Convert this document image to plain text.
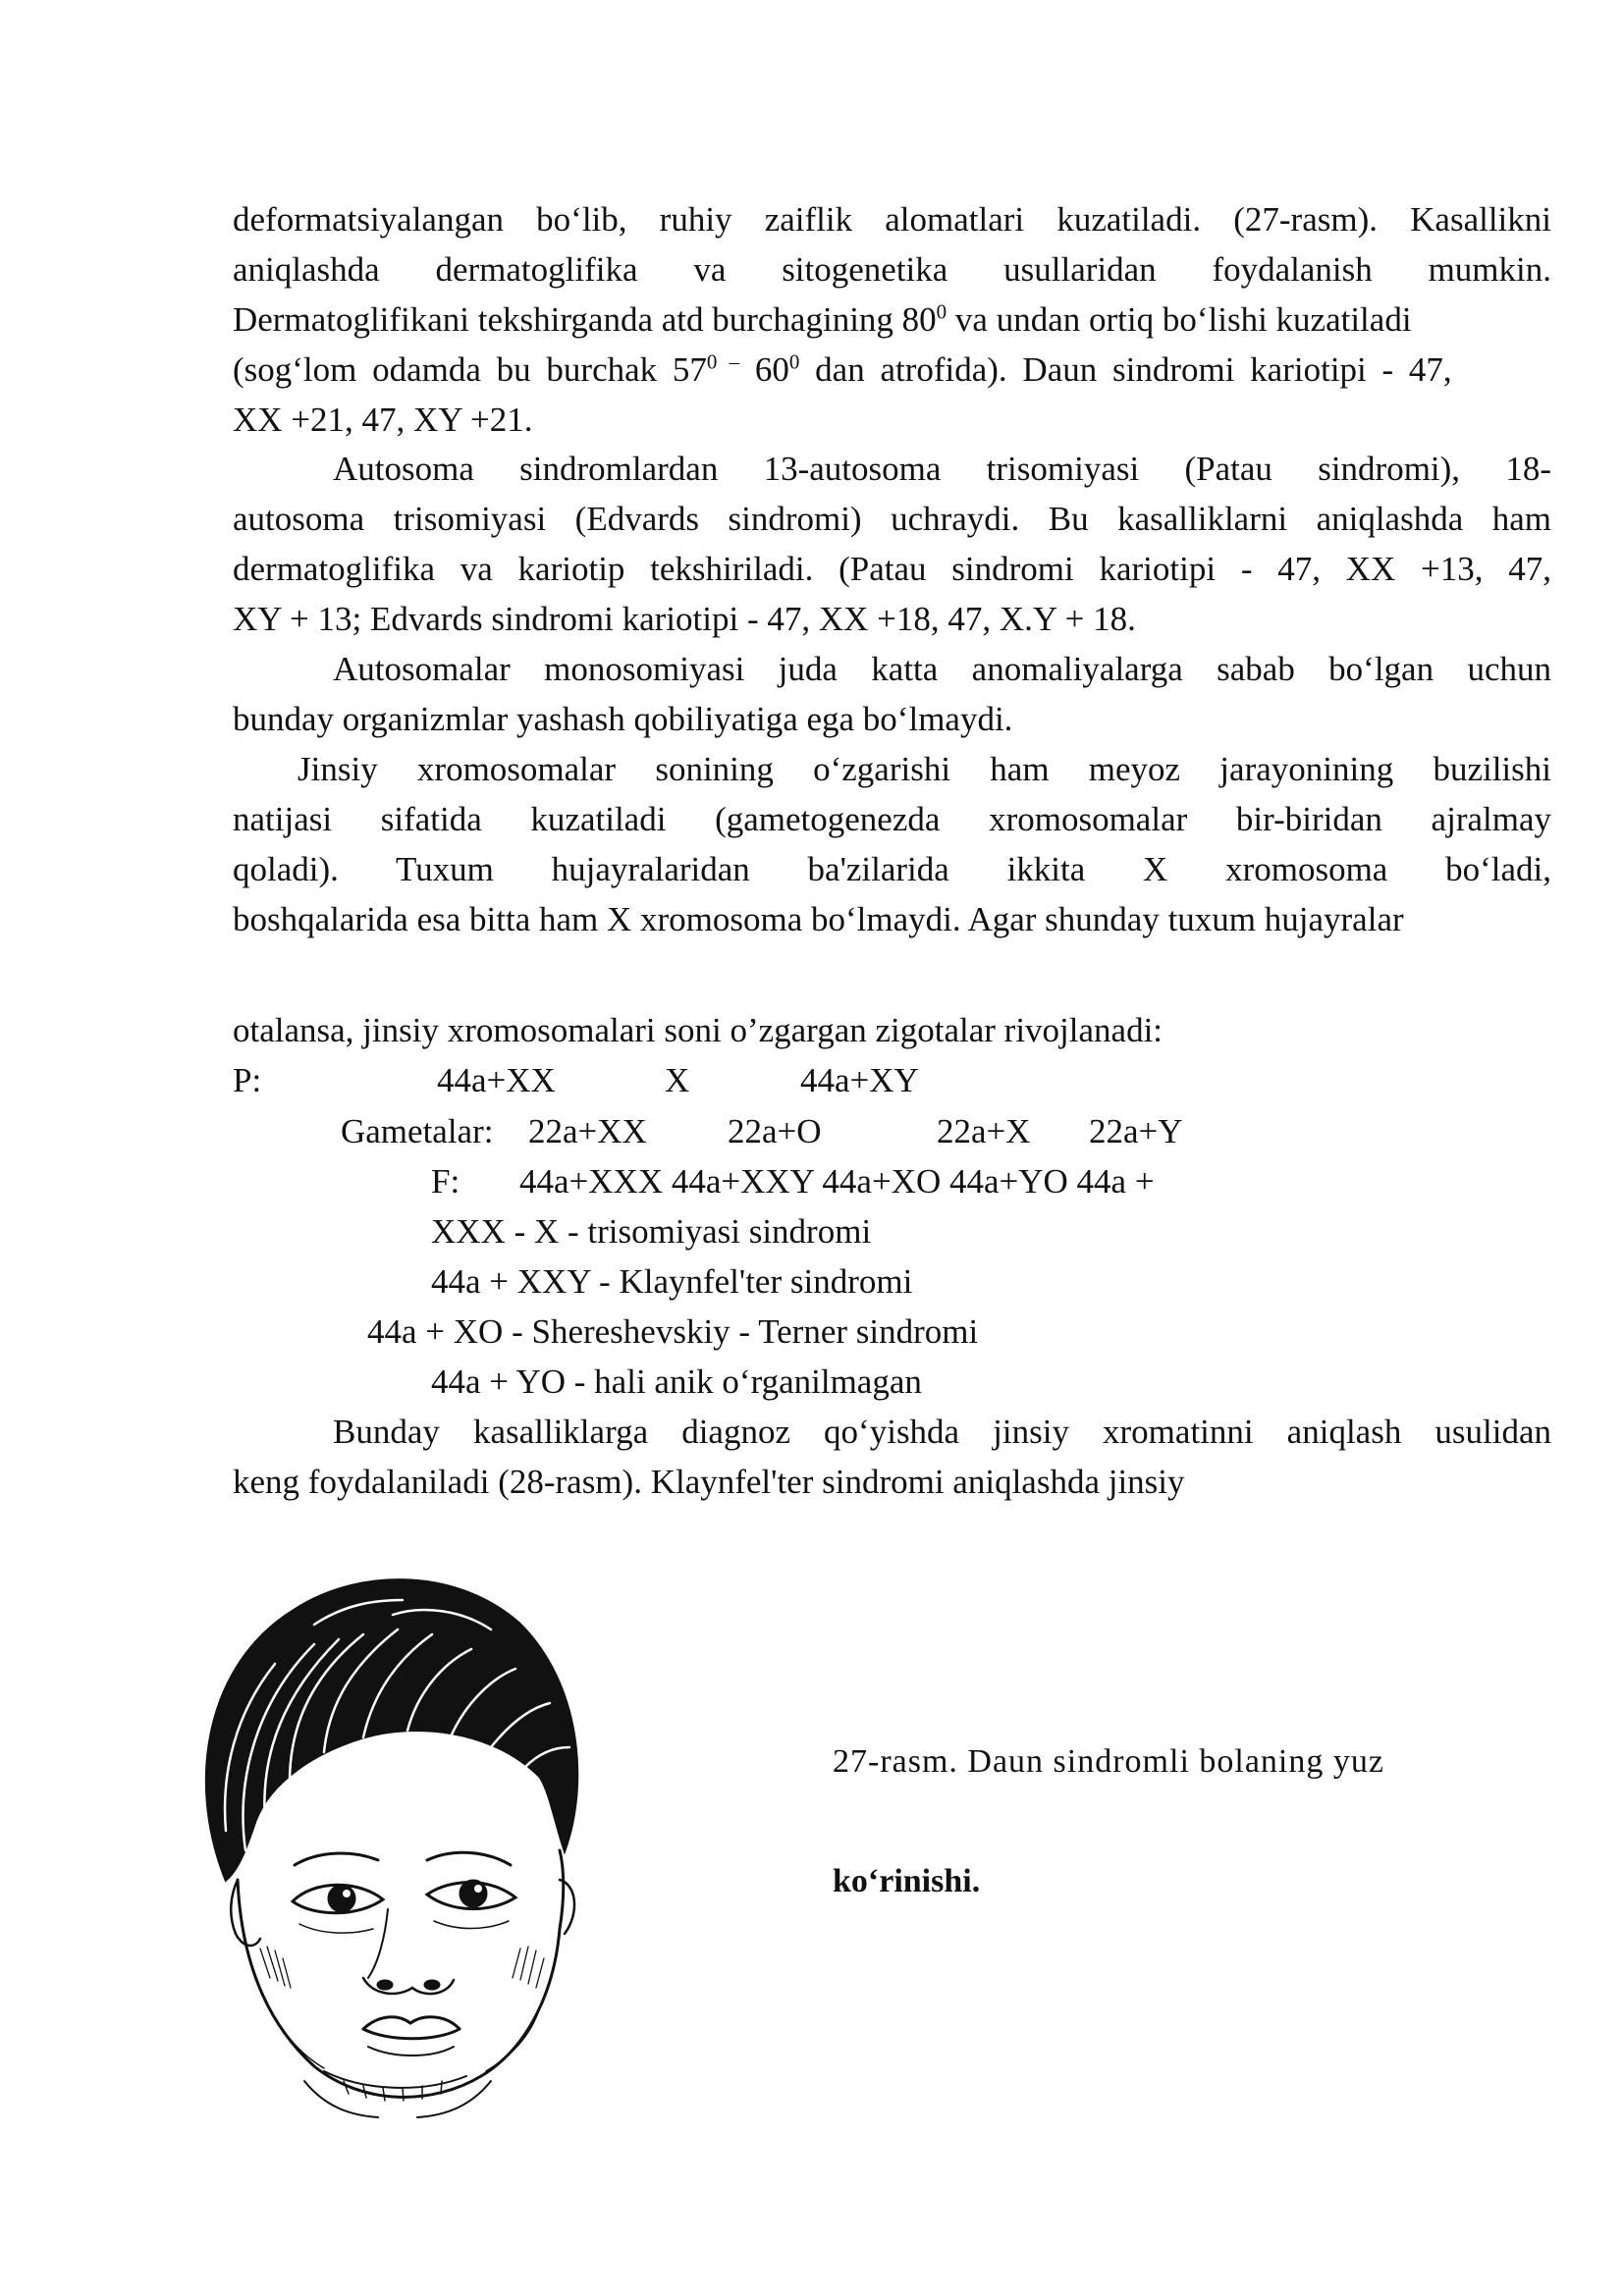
deformatsiyalangan bo‘lib, ruhiy zaiflik alomatlari kuzatiladi. (27-rasm). Kasallikni
aniqlashda dermatoglifika va sitogenetika usullaridan foydalanish mumkin.
Dermatoglifikani tekshirganda atd burchagining $80^0$ va undan ortiq bo‘lishi kuzatiladi
(sog‘lom odamda bu burchak $57^{0 -}$ $60^0$ dan atrofida). Daun sindromi kariotipi - 47,
XX +21, 47, XY +21.
Autosoma sindromlardan 13-autosoma trisomiyasi (Patau sindromi), 18-
autosoma trisomiyasi (Edvards sindromi) uchraydi. Bu kasalliklarni aniqlashda ham
dermatoglifika va kariotip tekshiriladi. (Patau sindromi kariotipi - 47, XX +13, 47,
XY + 13; Edvards sindromi kariotipi - 47, XX +18, 47, X.Y + 18.
Autosomalar monosomiyasi juda katta anomaliyalarga sabab bo‘lgan uchun
bunday organizmlar yashash qobiliyatiga ega bo‘lmaydi.
Jinsiy xromosomalar sonining o‘zgarishi ham meyoz jarayonining buzilishi
natijasi sifatida kuzatiladi (gametogenezda xromosomalar bir-biridan ajralmay
qoladi). Tuxum hujayralaridan ba'zilarida ikkita X xromosoma bo‘ladi,
boshqalarida esa bitta ham X xromosoma bo‘lmaydi. Agar shunday tuxum hujayralar
otalansa, jinsiy xromosomalari soni o’zgargan zigotalar rivojlanadi:
P:	44a+XX	X	44a+XY
Gametalar: 22a+XX 22a+O	22a+X 22a+Y
F: 44a+XXX 44a+XXY 44a+XO 44a+YO 44a +
XXX - X - trisomiyasi sindromi
44a + XXY - Klaynfel'ter sindromi
44a + XO - Shereshevskiy - Terner sindromi
44a + YO - hali anik o‘rganilmagan
Bunday kasalliklarga diagnoz qo‘yishda jinsiy xromatinni aniqlash usulidan
keng foydalaniladi (28-rasm). Klaynfel'ter sindromi aniqlashda jinsiy
27-rasm. Daun sindromli bolaning yuz
ko‘rinishi.
